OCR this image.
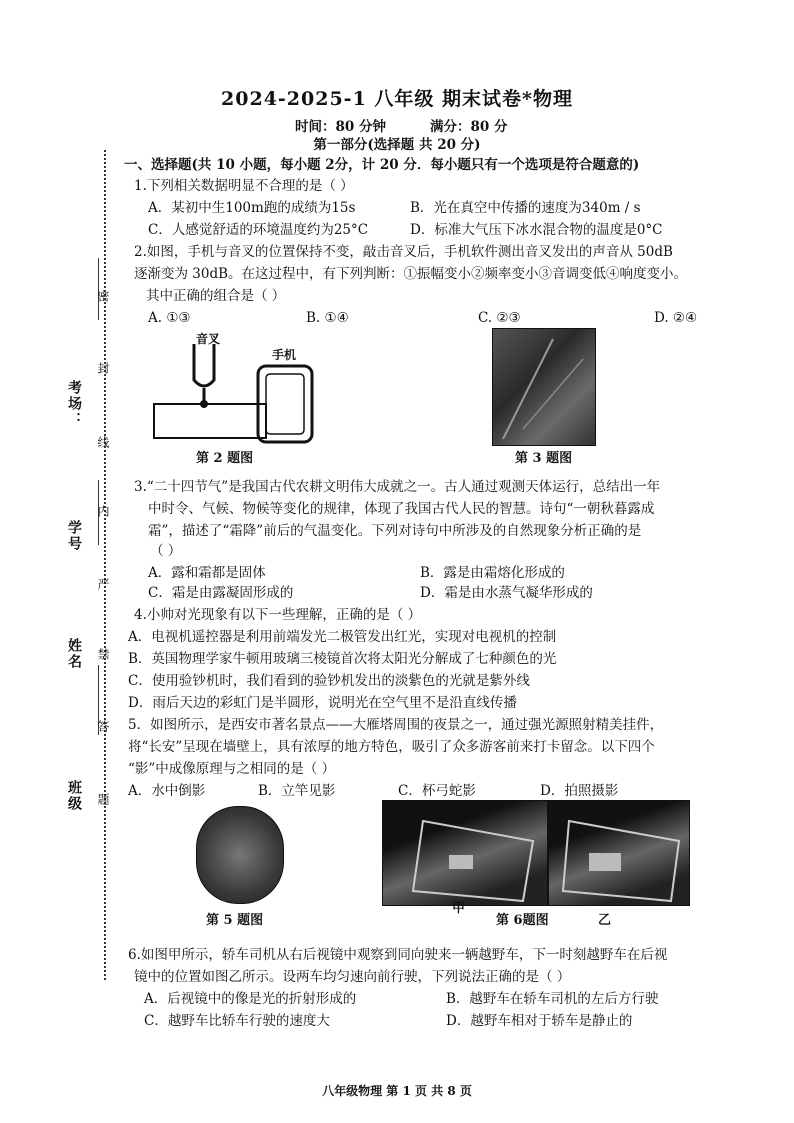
考场：
学号
姓名
班级
密
封
线
内
严
禁
答
题
2024-2025-1 八年级 期末试卷*物理
时间：80 分钟	满分：80 分
第一部分(选择题 共 20 分)
一、选择题(共 10 小题，每小题 2分，计 20 分．每小题只有一个选项是符合题意的)
1.下列相关数据明显不合理的是（ ）
A．某初中生100m跑的成绩为15s	B．光在真空中传播的速度为340m / s
C．人感觉舒适的环境温度约为25°C	D．标准大气压下冰水混合物的温度是0°C
2.如图，手机与音叉的位置保持不变，敲击音叉后，手机软件测出音叉发出的声音从 50dB
逐渐变为 30dB。在这过程中，有下列判断：①振幅变小②频率变小③音调变低④响度变小。
其中正确的组合是（ ）
A. ①③	B. ①④	C. ②③	D. ②④
音叉
手机
第 2 题图	第 3 题图
3.“二十四节气”是我国古代农耕文明伟大成就之一。古人通过观测天体运行，总结出一年
中时令、气候、物候等变化的规律，体现了我国古代人民的智慧。诗句“一朝秋暮露成
霜”，描述了“霜降”前后的气温变化。下列对诗句中所涉及的自然现象分析正确的是
（ ）
A．露和霜都是固体	B．露是由霜熔化形成的
C．霜是由露凝固形成的	D．霜是由水蒸气凝华形成的
4.小帅对光现象有以下一些理解，正确的是（ ）
A．电视机遥控器是利用前端发光二极管发出红光，实现对电视机的控制
B．英国物理学家牛顿用玻璃三棱镜首次将太阳光分解成了七种颜色的光
C．使用验钞机时，我们看到的验钞机发出的淡紫色的光就是紫外线
D．雨后天边的彩虹门是半圆形，说明光在空气里不是沿直线传播
5．如图所示，是西安市著名景点——大雁塔周围的夜景之一，通过强光源照射精美挂件，
将“长安”呈现在墙壁上，具有浓厚的地方特色，吸引了众多游客前来打卡留念。以下四个
“影”中成像原理与之相同的是（ ）
A．水中倒影	B．立竿见影	C．杯弓蛇影	D．拍照摄影
第 5 题图
甲
第 6题图	乙
6.如图甲所示，轿车司机从右后视镜中观察到同向驶来一辆越野车，下一时刻越野车在后视
镜中的位置如图乙所示。设两车均匀速向前行驶，下列说法正确的是（ ）
A．后视镜中的像是光的折射形成的	B．越野车在轿车司机的左后方行驶
C．越野车比轿车行驶的速度大	D．越野车相对于轿车是静止的
八年级物理 第 1 页 共 8 页
